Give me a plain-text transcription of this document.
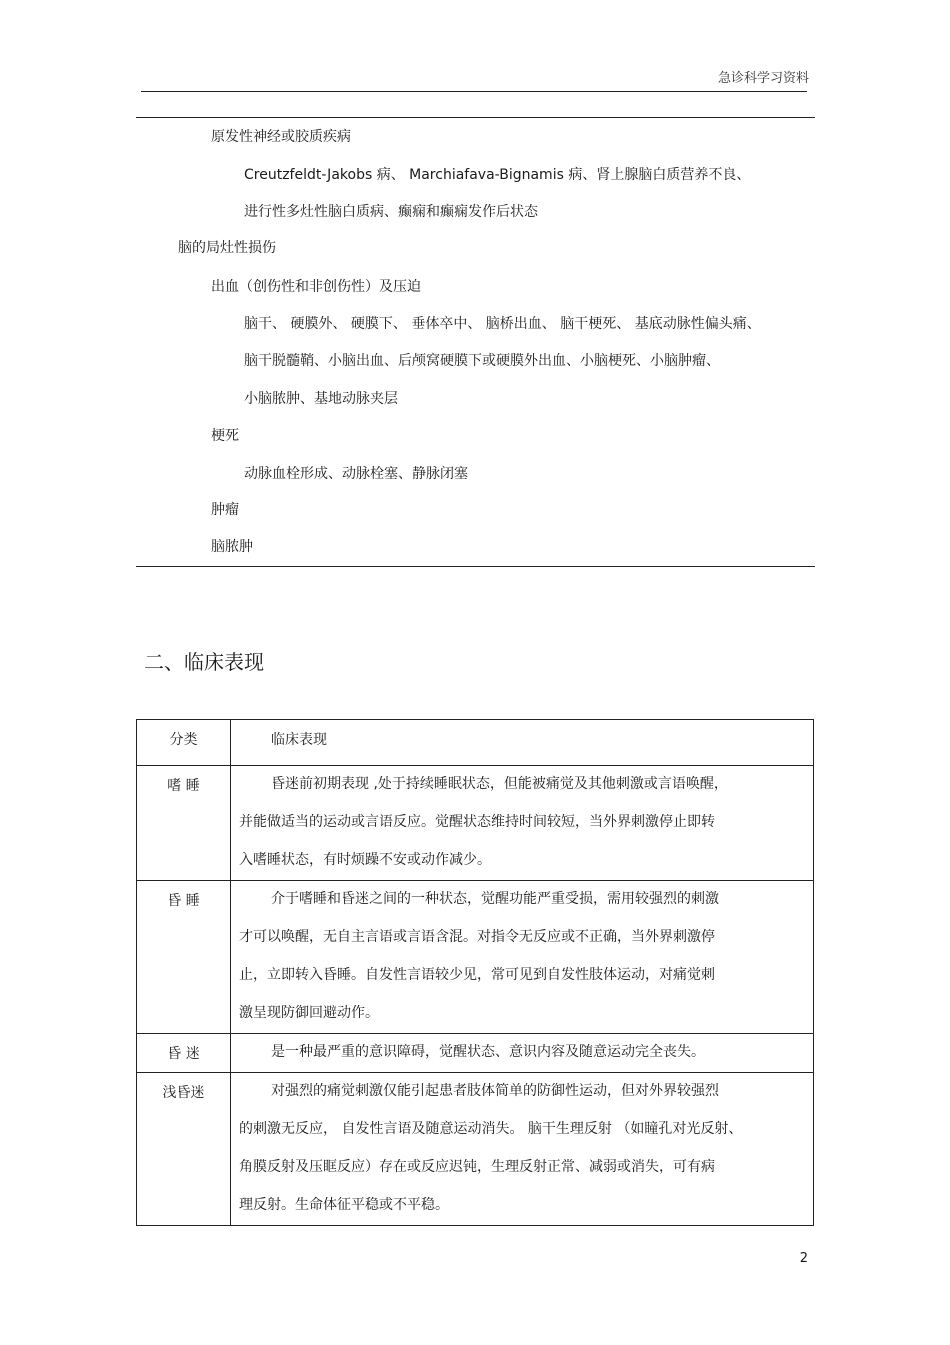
急诊科学习资料
原发性神经或胶质疾病
Creutzfeldt-Jakobs 病、 Marchiafava-Bignamis 病、肾上腺脑白质营养不良、
进行性多灶性脑白质病、癫痫和癫痫发作后状态
脑的局灶性损伤
出血（创伤性和非创伤性）及压迫
脑干、 硬膜外、 硬膜下、 垂体卒中、 脑桥出血、 脑干梗死、 基底动脉性偏头痛、
脑干脱髓鞘、小脑出血、后颅窝硬膜下或硬膜外出血、小脑梗死、小脑肿瘤、
小脑脓肿、基地动脉夹层
梗死
动脉血栓形成、动脉栓塞、静脉闭塞
肿瘤
脑脓肿
二、临床表现
分类	临床表现
嗜 睡	昏迷前初期表现 ,处于持续睡眠状态，但能被痛觉及其他刺激或言语唤醒，
并能做适当的运动或言语反应。觉醒状态维持时间较短，当外界刺激停止即转
入嗜睡状态，有时烦躁不安或动作减少。

昏 睡	介于嗜睡和昏迷之间的一种状态，觉醒功能严重受损，需用较强烈的刺激
才可以唤醒，无自主言语或言语含混。对指令无反应或不正确，当外界刺激停
止，立即转入昏睡。自发性言语较少见，常可见到自发性肢体运动，对痛觉刺
激呈现防御回避动作。

昏 迷	是一种最严重的意识障碍，觉醒状态、意识内容及随意运动完全丧失。

浅昏迷	对强烈的痛觉刺激仅能引起患者肢体简单的防御性运动，但对外界较强烈
的刺激无反应， 自发性言语及随意运动消失。 脑干生理反射 （如瞳孔对光反射、
角膜反射及压眶反应）存在或反应迟钝，生理反射正常、减弱或消失，可有病
理反射。生命体征平稳或不平稳。
2
